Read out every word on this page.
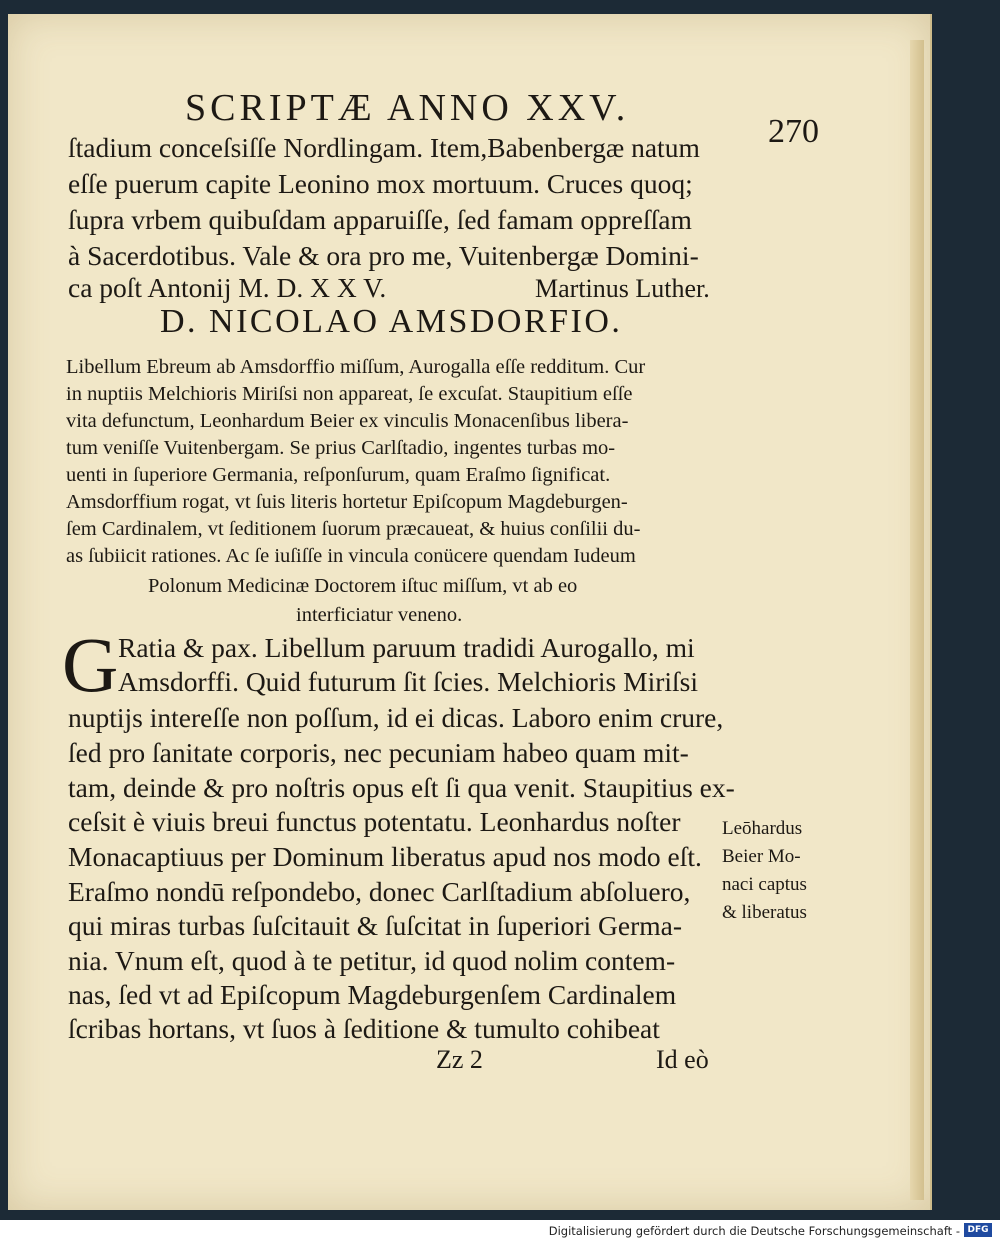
SCRIPTÆ ANNO XXV.
270
ſtadium conceſsiſſe Nordlingam. Item,Babenbergæ natum
eſſe puerum capite Leonino mox mortuum. Cruces quoq;
ſupra vrbem quibuſdam apparuiſſe, ſed famam oppreſſam
à Sacerdotibus. Vale & ora pro me, Vuitenbergæ Domini-
ca poſt Antonij M. D. X X V.	Martinus Luther.
D. NICOLAO AMSDORFIO.
Libellum Ebreum ab Amsdorffio miſſum, Aurogalla eſſe redditum. Cur
in nuptiis Melchioris Miriſsi non appareat, ſe excuſat. Staupitium eſſe
vita defunctum, Leonhardum Beier ex vinculis Monacenſibus libera-
tum veniſſe Vuitenbergam. Se prius Carlſtadio, ingentes turbas mo-
uenti in ſuperiore Germania, reſponſurum, quam Eraſmo ſignificat.
Amsdorffium rogat, vt ſuis literis hortetur Epiſcopum Magdeburgen-
ſem Cardinalem, vt ſeditionem ſuorum præcaueat, & huius conſilii du-
as ſubiicit rationes. Ac ſe iuſiſſe in vincula conücere quendam Iudeum
Polonum Medicinæ Doctorem iſtuc miſſum, vt ab eo
interficiatur veneno.
G Ratia & pax. Libellum paruum tradidi Aurogallo, mi
Amsdorffi. Quid futurum ſit ſcies. Melchioris Miriſsi
nuptijs intereſſe non poſſum, id ei dicas. Laboro enim crure,
ſed pro ſanitate corporis, nec pecuniam habeo quam mit-
tam, deinde & pro noſtris opus eſt ſi qua venit. Staupitius ex-
ceſsit è viuis breui functus potentatu. Leonhardus noſter
Monacaptiuus per Dominum liberatus apud nos modo eſt.
Eraſmo nondū reſpondebo, donec Carlſtadium abſoluero,
qui miras turbas ſuſcitauit & ſuſcitat in ſuperiori Germa-
nia. Vnum eſt, quod à te petitur, id quod nolim contem-
nas, ſed vt ad Epiſcopum Magdeburgenſem Cardinalem
ſcribas hortans, vt ſuos à ſeditione & tumulto cohibeat
Leōhardus
Beier Mo-
naci captus
& liberatus
Zz 2	Id eò
Digitalisierung gefördert durch die Deutsche Forschungsgemeinschaft - DFG
